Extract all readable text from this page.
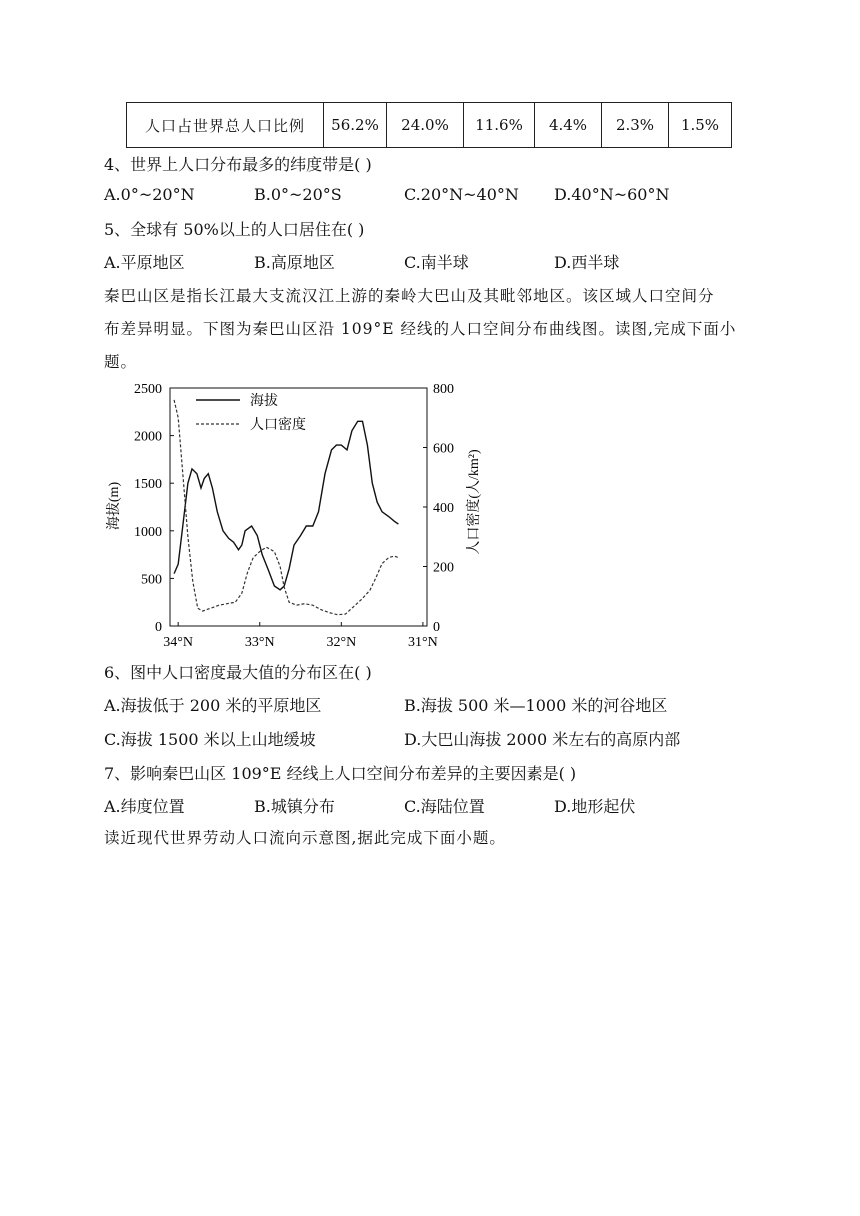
人口占世界总人口比例	56.2%	24.0%	11.6%	4.4%	2.3%	1.5%
4、世界上人口分布最多的纬度带是( )
A.0°~20°N	B.0°~20°S	C.20°N~40°N D.40°N~60°N
5、全球有 50%以上的人口居住在( )
A.平原地区	B.高原地区	C.南半球	D.西半球
秦巴山区是指长江最大支流汉江上游的秦岭大巴山及其毗邻地区。该区域人口空间分
布差异明显。下图为秦巴山区沿 109°E 经线的人口空间分布曲线图。读图,完成下面小
题。
0
500
1000
1500
2000
2500
0
200
400
600
800
34°N	33°N	32°N	31°N
海拔
人口密度
海拔(m)	人口密度(人/km²)
6、图中人口密度最大值的分布区在( )
A.海拔低于 200 米的平原地区	B.海拔 500 米—1000 米的河谷地区
C.海拔 1500 米以上山地缓坡	D.大巴山海拔 2000 米左右的高原内部
7、影响秦巴山区 109°E 经线上人口空间分布差异的主要因素是( )
A.纬度位置	B.城镇分布	C.海陆位置	D.地形起伏
读近现代世界劳动人口流向示意图,据此完成下面小题。
